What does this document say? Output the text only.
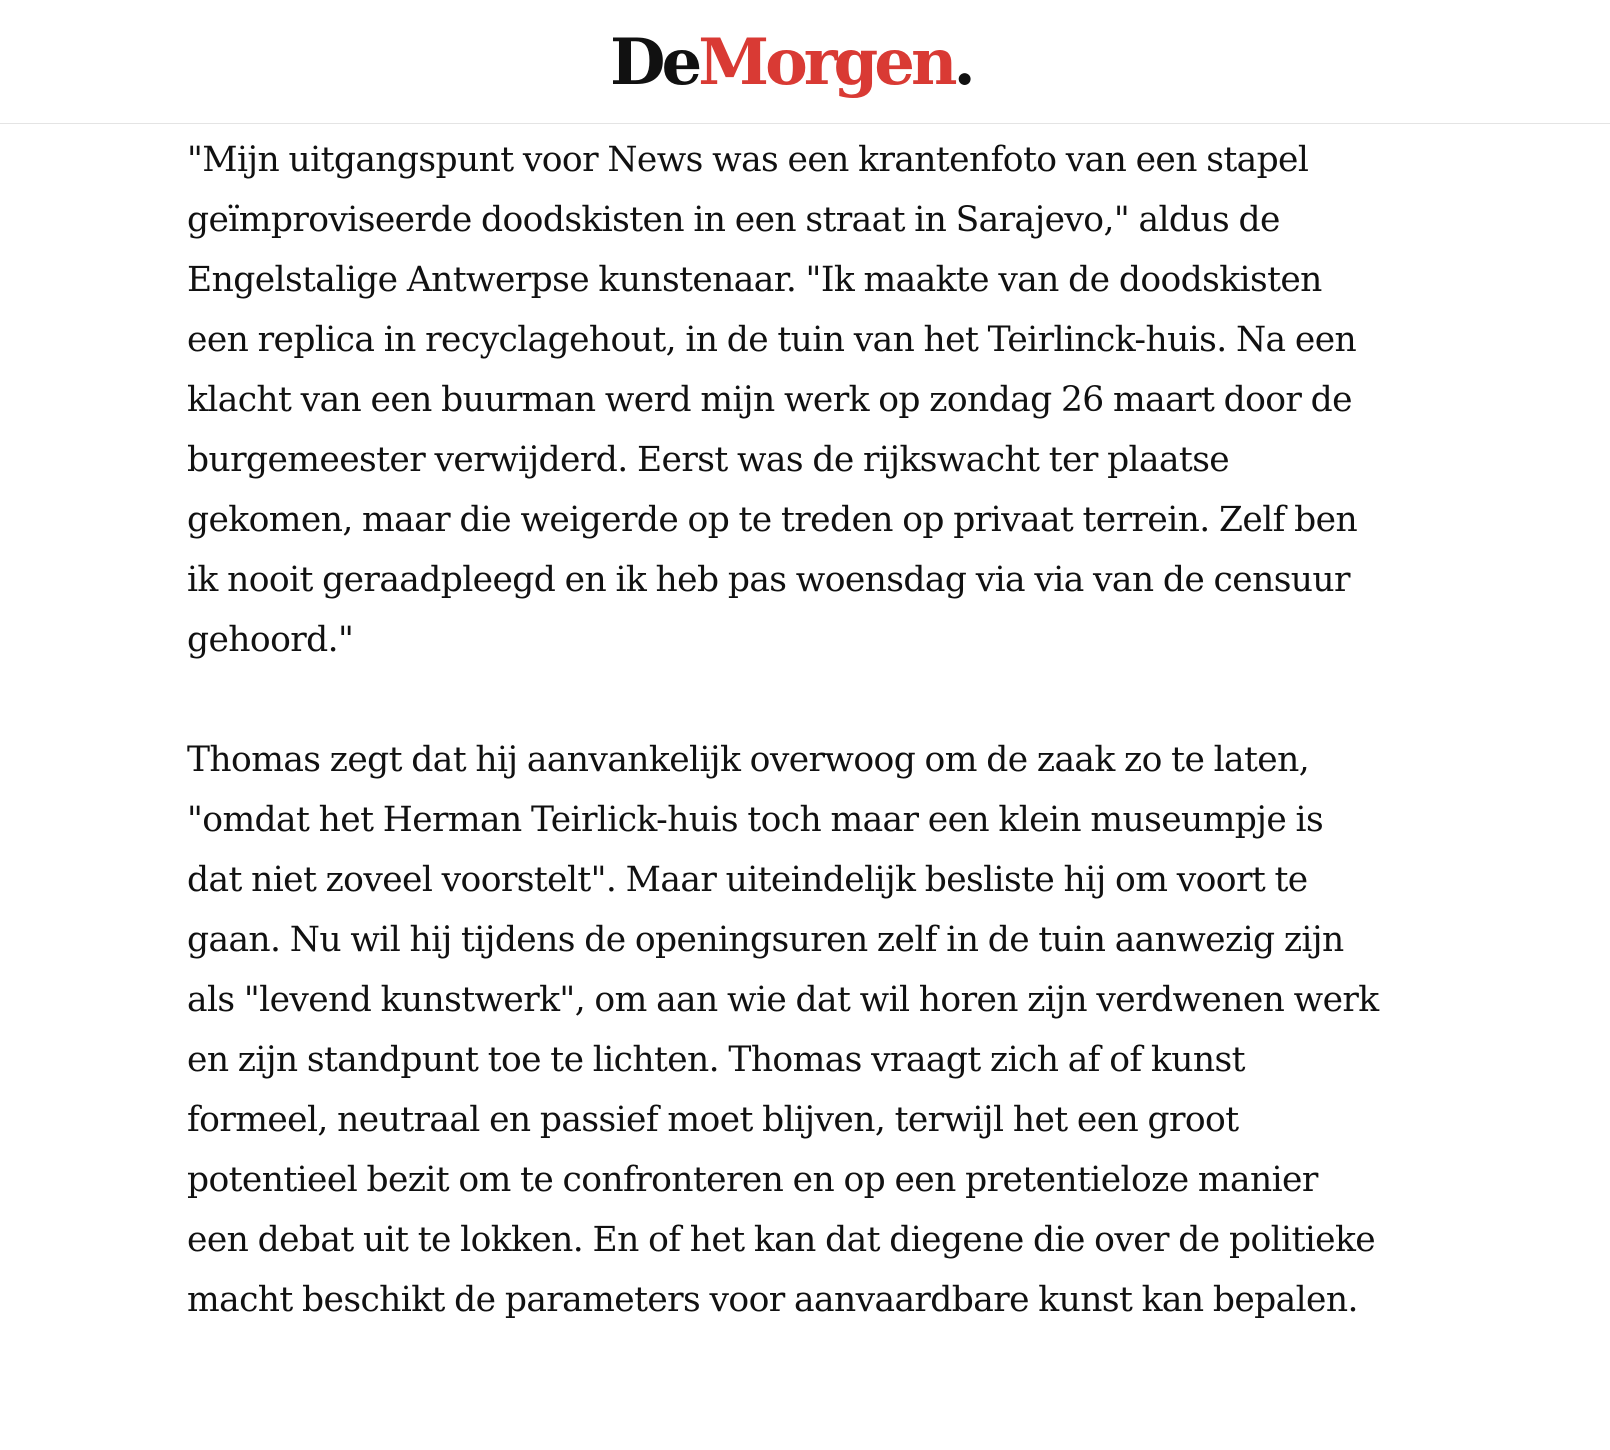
De Morgen .

"Mijn uitgangspunt voor News was een krantenfoto van een stapel geïmproviseerde doodskisten in een straat in Sarajevo," aldus de Engelstalige Antwerpse kunstenaar. "Ik maakte van de doodskisten een replica in recyclagehout, in de tuin van het Teirlinck-huis. Na een klacht van een buurman werd mijn werk op zondag 26 maart door de burgemeester verwijderd. Eerst was de rijkswacht ter plaatse gekomen, maar die weigerde op te treden op privaat terrein. Zelf ben ik nooit geraadpleegd en ik heb pas woensdag via via van de censuur gehoord."

Thomas zegt dat hij aanvankelijk overwoog om de zaak zo te laten, "omdat het Herman Teirlick-huis toch maar een klein museumpje is dat niet zoveel voorstelt". Maar uiteindelijk besliste hij om voort te gaan. Nu wil hij tijdens de openingsuren zelf in de tuin aanwezig zijn als "levend kunstwerk", om aan wie dat wil horen zijn verdwenen werk en zijn standpunt toe te lichten. Thomas vraagt zich af of kunst formeel, neutraal en passief moet blijven, terwijl het een groot potentieel bezit om te confronteren en op een pretentieloze manier een debat uit te lokken. En of het kan dat diegene die over de politieke macht beschikt de parameters voor aanvaardbare kunst kan bepalen.
